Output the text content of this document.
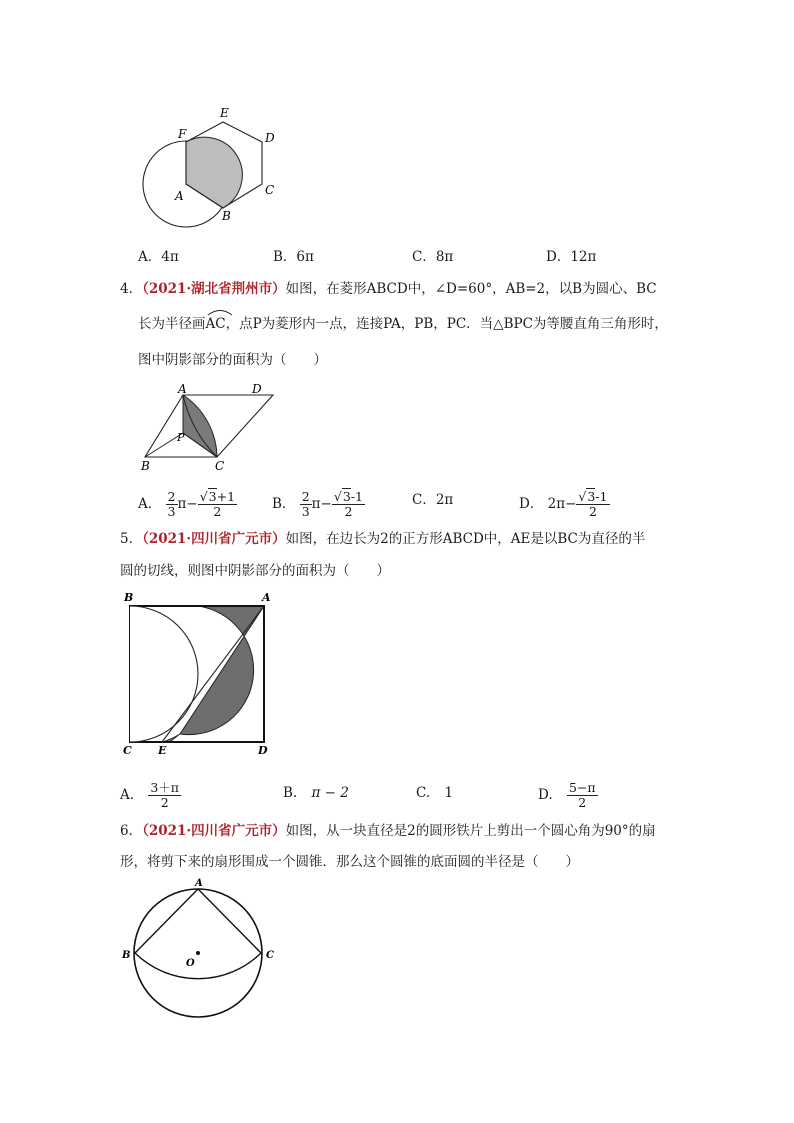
E
F	D
A	C
B
A．4π	B．6π	C．8π	D．12π
4．（2021·湖北省荆州市）如图，在菱形ABCD中，∠D=60°，AB=2，以B为圆心、BC
长为半径画
AC，点P为菱形内一点，连接PA，PB，PC．当△BPC为等腰直角三角形时，
图中阴影部分的面积为（　　）
A	D
P
B	C
A． $\frac{2}{3} \pi- \frac{√3+1}{2}$	B． $\frac{2}{3} \pi- \frac{√3-1}{2}$	C．2π	D． $2\pi- \frac{√3-1}{2}$
5．（2021·四川省广元市）如图，在边长为2的正方形ABCD中，AE是以BC为直径的半
圆的切线，则图中阴影部分的面积为（　　）
B	A
C E	D
A. $\frac{3+\pi}{2}$	B. π − 2	C. 1	D. $\frac{5-\pi}{2}$
6．（2021·四川省广元市）如图，从一块直径是2的圆形铁片上剪出一个圆心角为90°的扇
形，将剪下来的扇形围成一个圆锥．那么这个圆锥的底面圆的半径是（　　）
A
B	C
O
